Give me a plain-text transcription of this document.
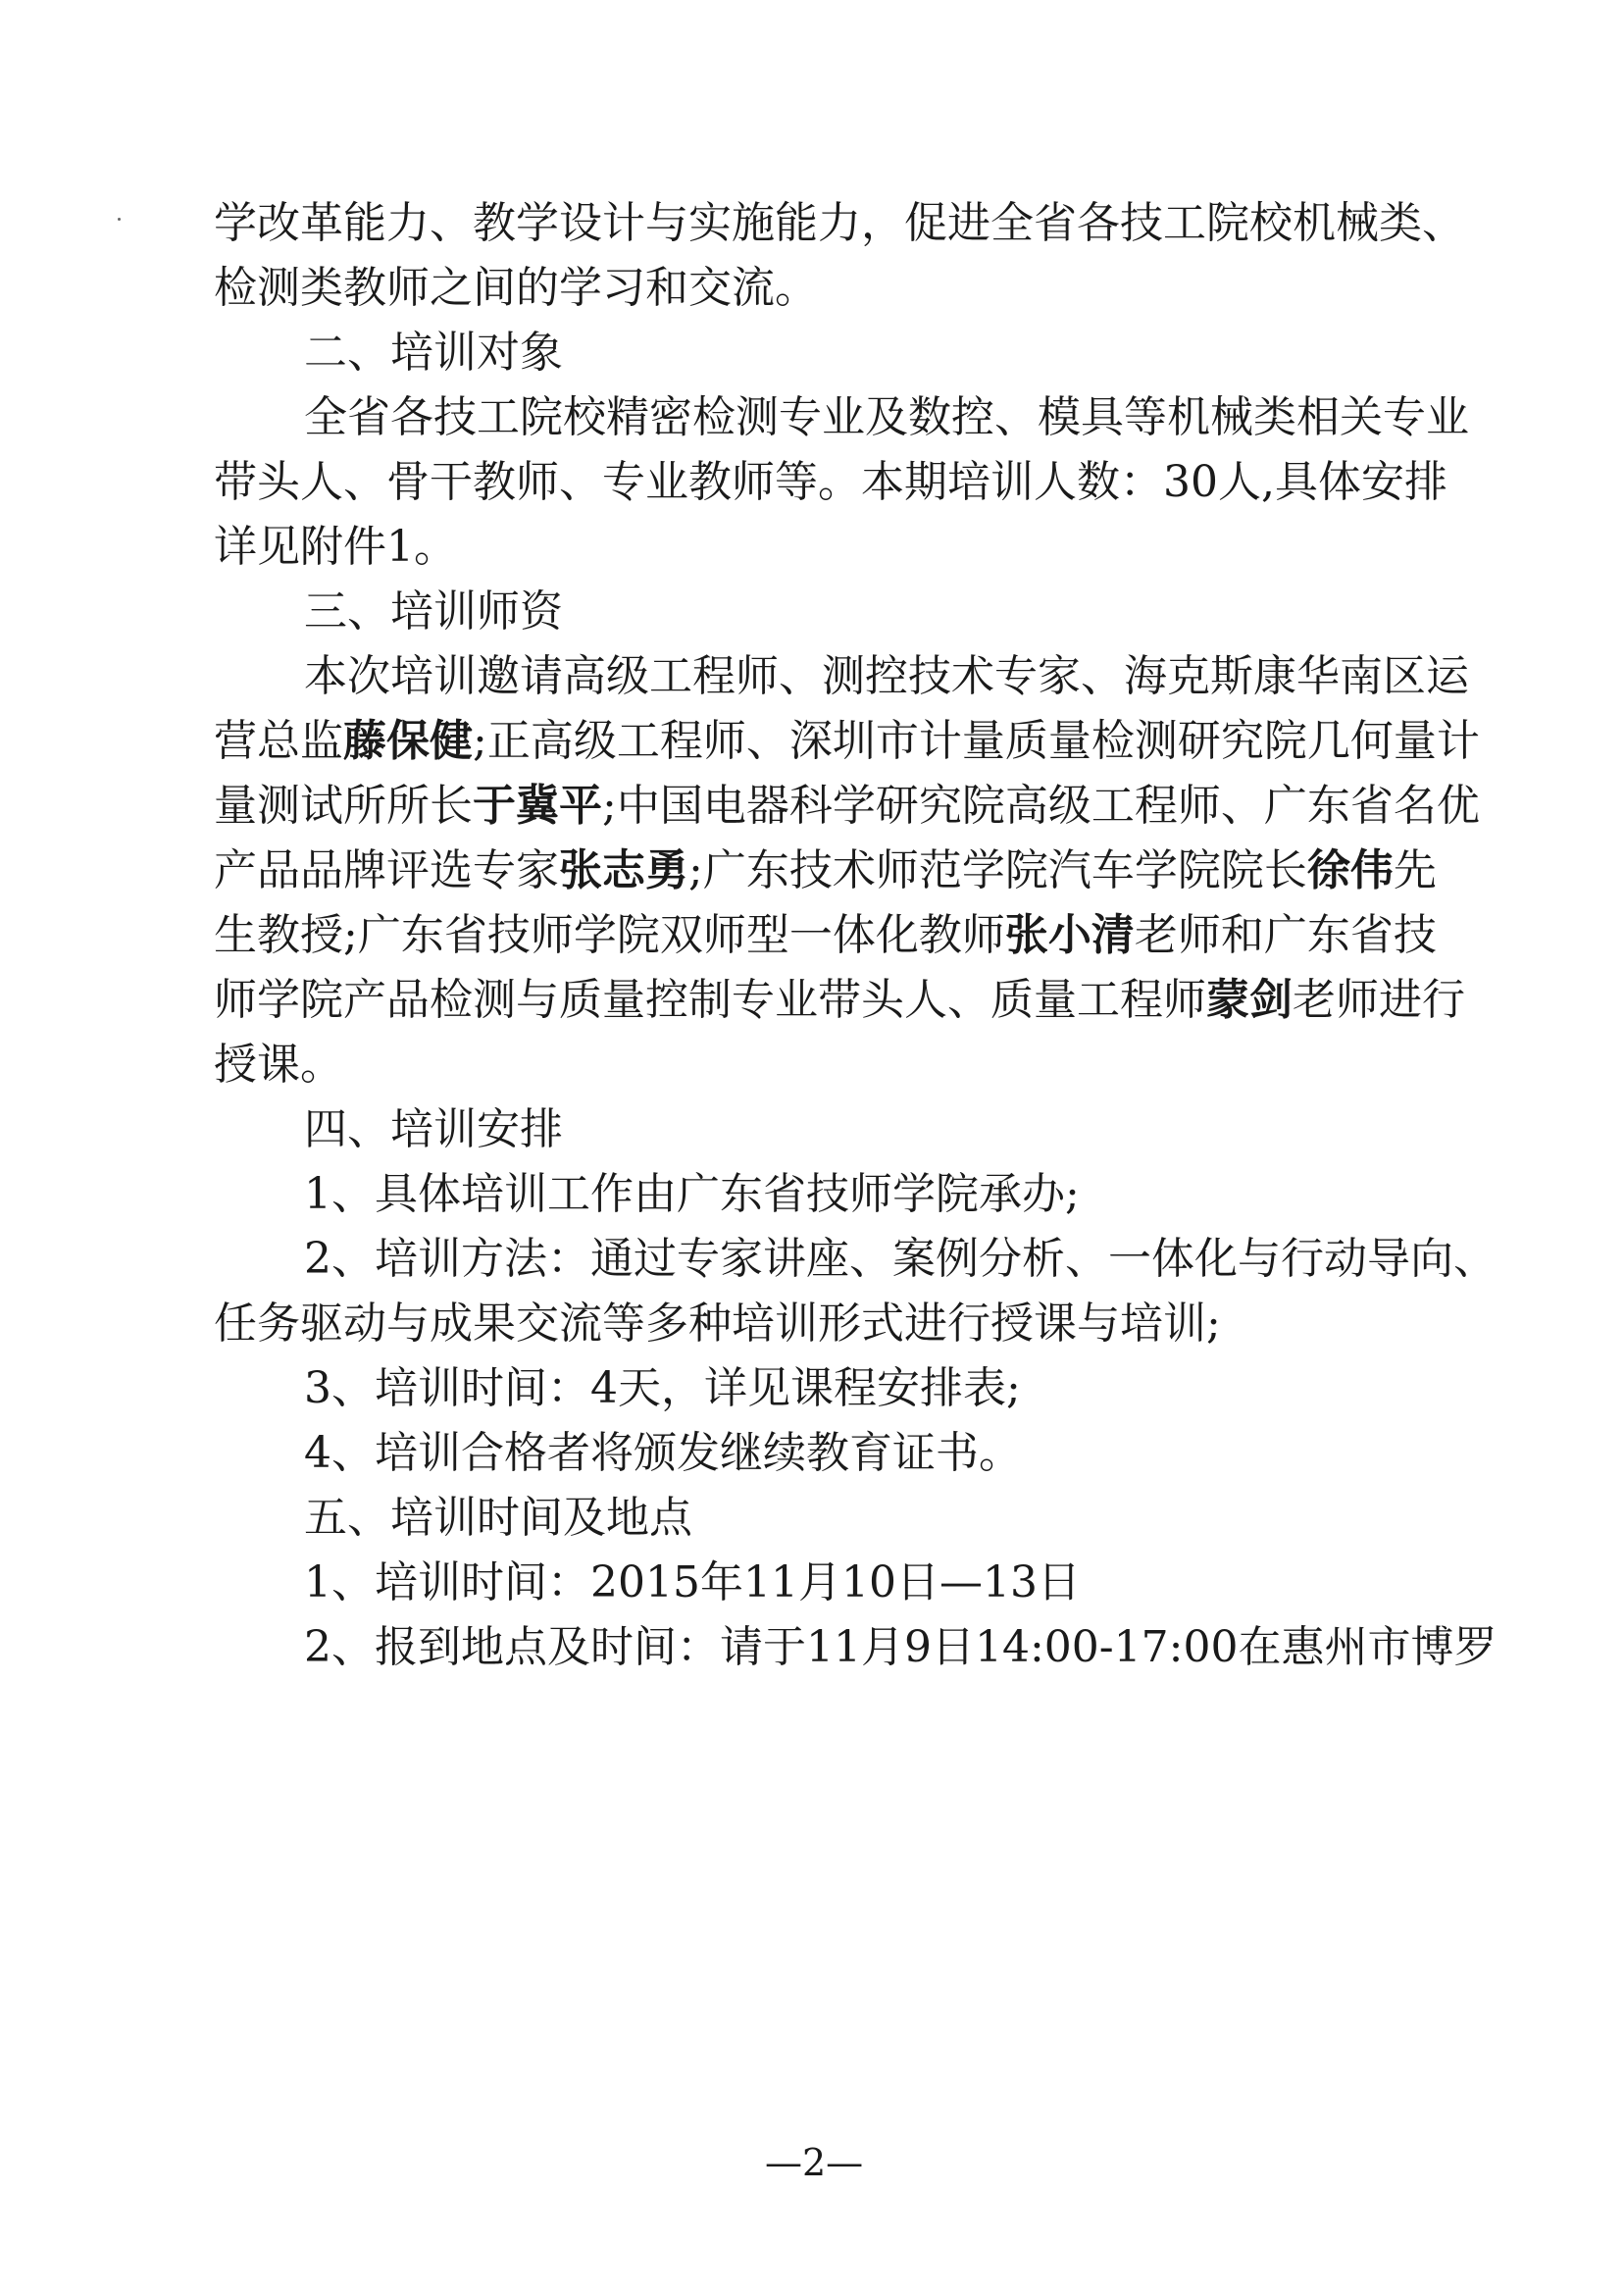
学改革能力、教学设计与实施能力，促进全省各技工院校机械类、
检测类教师之间的学习和交流。
二、培训对象
全省各技工院校精密检测专业及数控、模具等机械类相关专业
带头人、骨干教师、专业教师等。本期培训人数：30人,具体安排
详见附件1。
三、培训师资
本次培训邀请高级工程师、测控技术专家、海克斯康华南区运
营总监藤保健;正高级工程师、深圳市计量质量检测研究院几何量计
量测试所所长于冀平;中国电器科学研究院高级工程师、广东省名优
产品品牌评选专家张志勇;广东技术师范学院汽车学院院长徐伟先
生教授;广东省技师学院双师型一体化教师张小清老师和广东省技
师学院产品检测与质量控制专业带头人、质量工程师蒙剑老师进行
授课。
四、培训安排
1、具体培训工作由广东省技师学院承办;
2、培训方法：通过专家讲座、案例分析、一体化与行动导向、
任务驱动与成果交流等多种培训形式进行授课与培训;
3、培训时间：4天，详见课程安排表;
4、培训合格者将颁发继续教育证书。
五、培训时间及地点
1、培训时间：2015年11月10日—13日
2、报到地点及时间：请于11月9日14:00-17:00在惠州市博罗
—2—
